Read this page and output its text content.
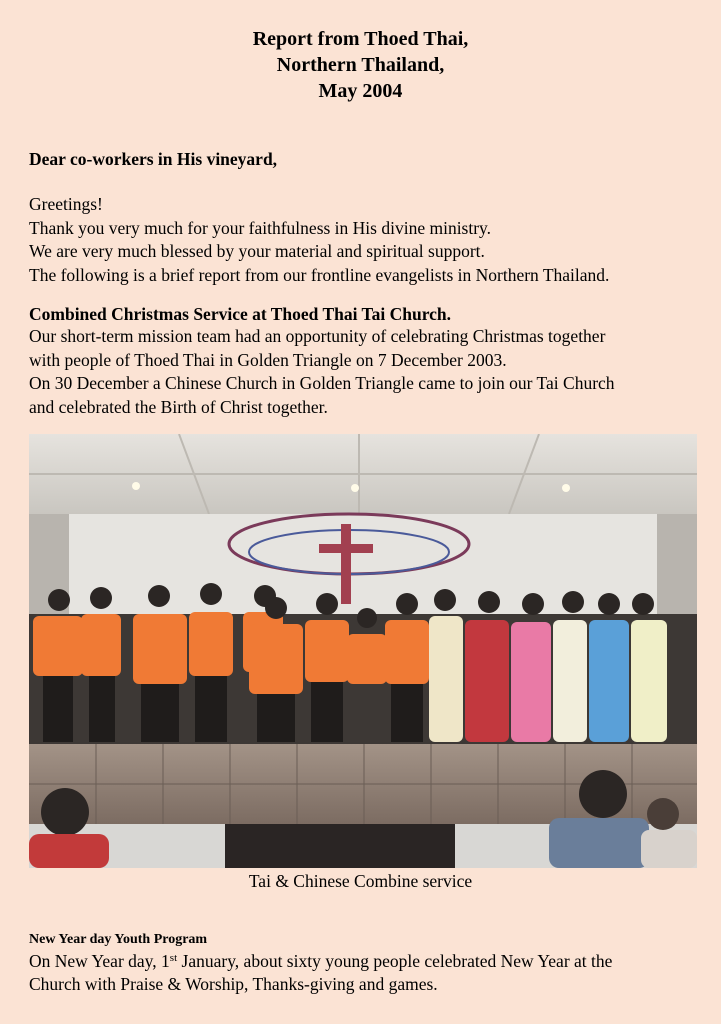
Report from Thoed Thai,
Northern Thailand,
May 2004
Dear co-workers in His vineyard,
Greetings!
Thank you very much for your faithfulness in His divine ministry.
We are very much blessed by your material and spiritual support.
The following is a brief report from our frontline evangelists in Northern Thailand.
Combined Christmas Service at Thoed Thai Tai Church.
Our short-term mission team had an opportunity of celebrating Christmas together
with people of Thoed Thai in Golden Triangle on 7 December 2003.
On 30 December a Chinese Church in Golden Triangle came to join our Tai Church
and celebrated the Birth of Christ together.
Tai & Chinese Combine service
New Year day Youth Program
On New Year day, 1st January, about sixty young people celebrated New Year at the
Church with Praise & Worship, Thanks-giving and games.
